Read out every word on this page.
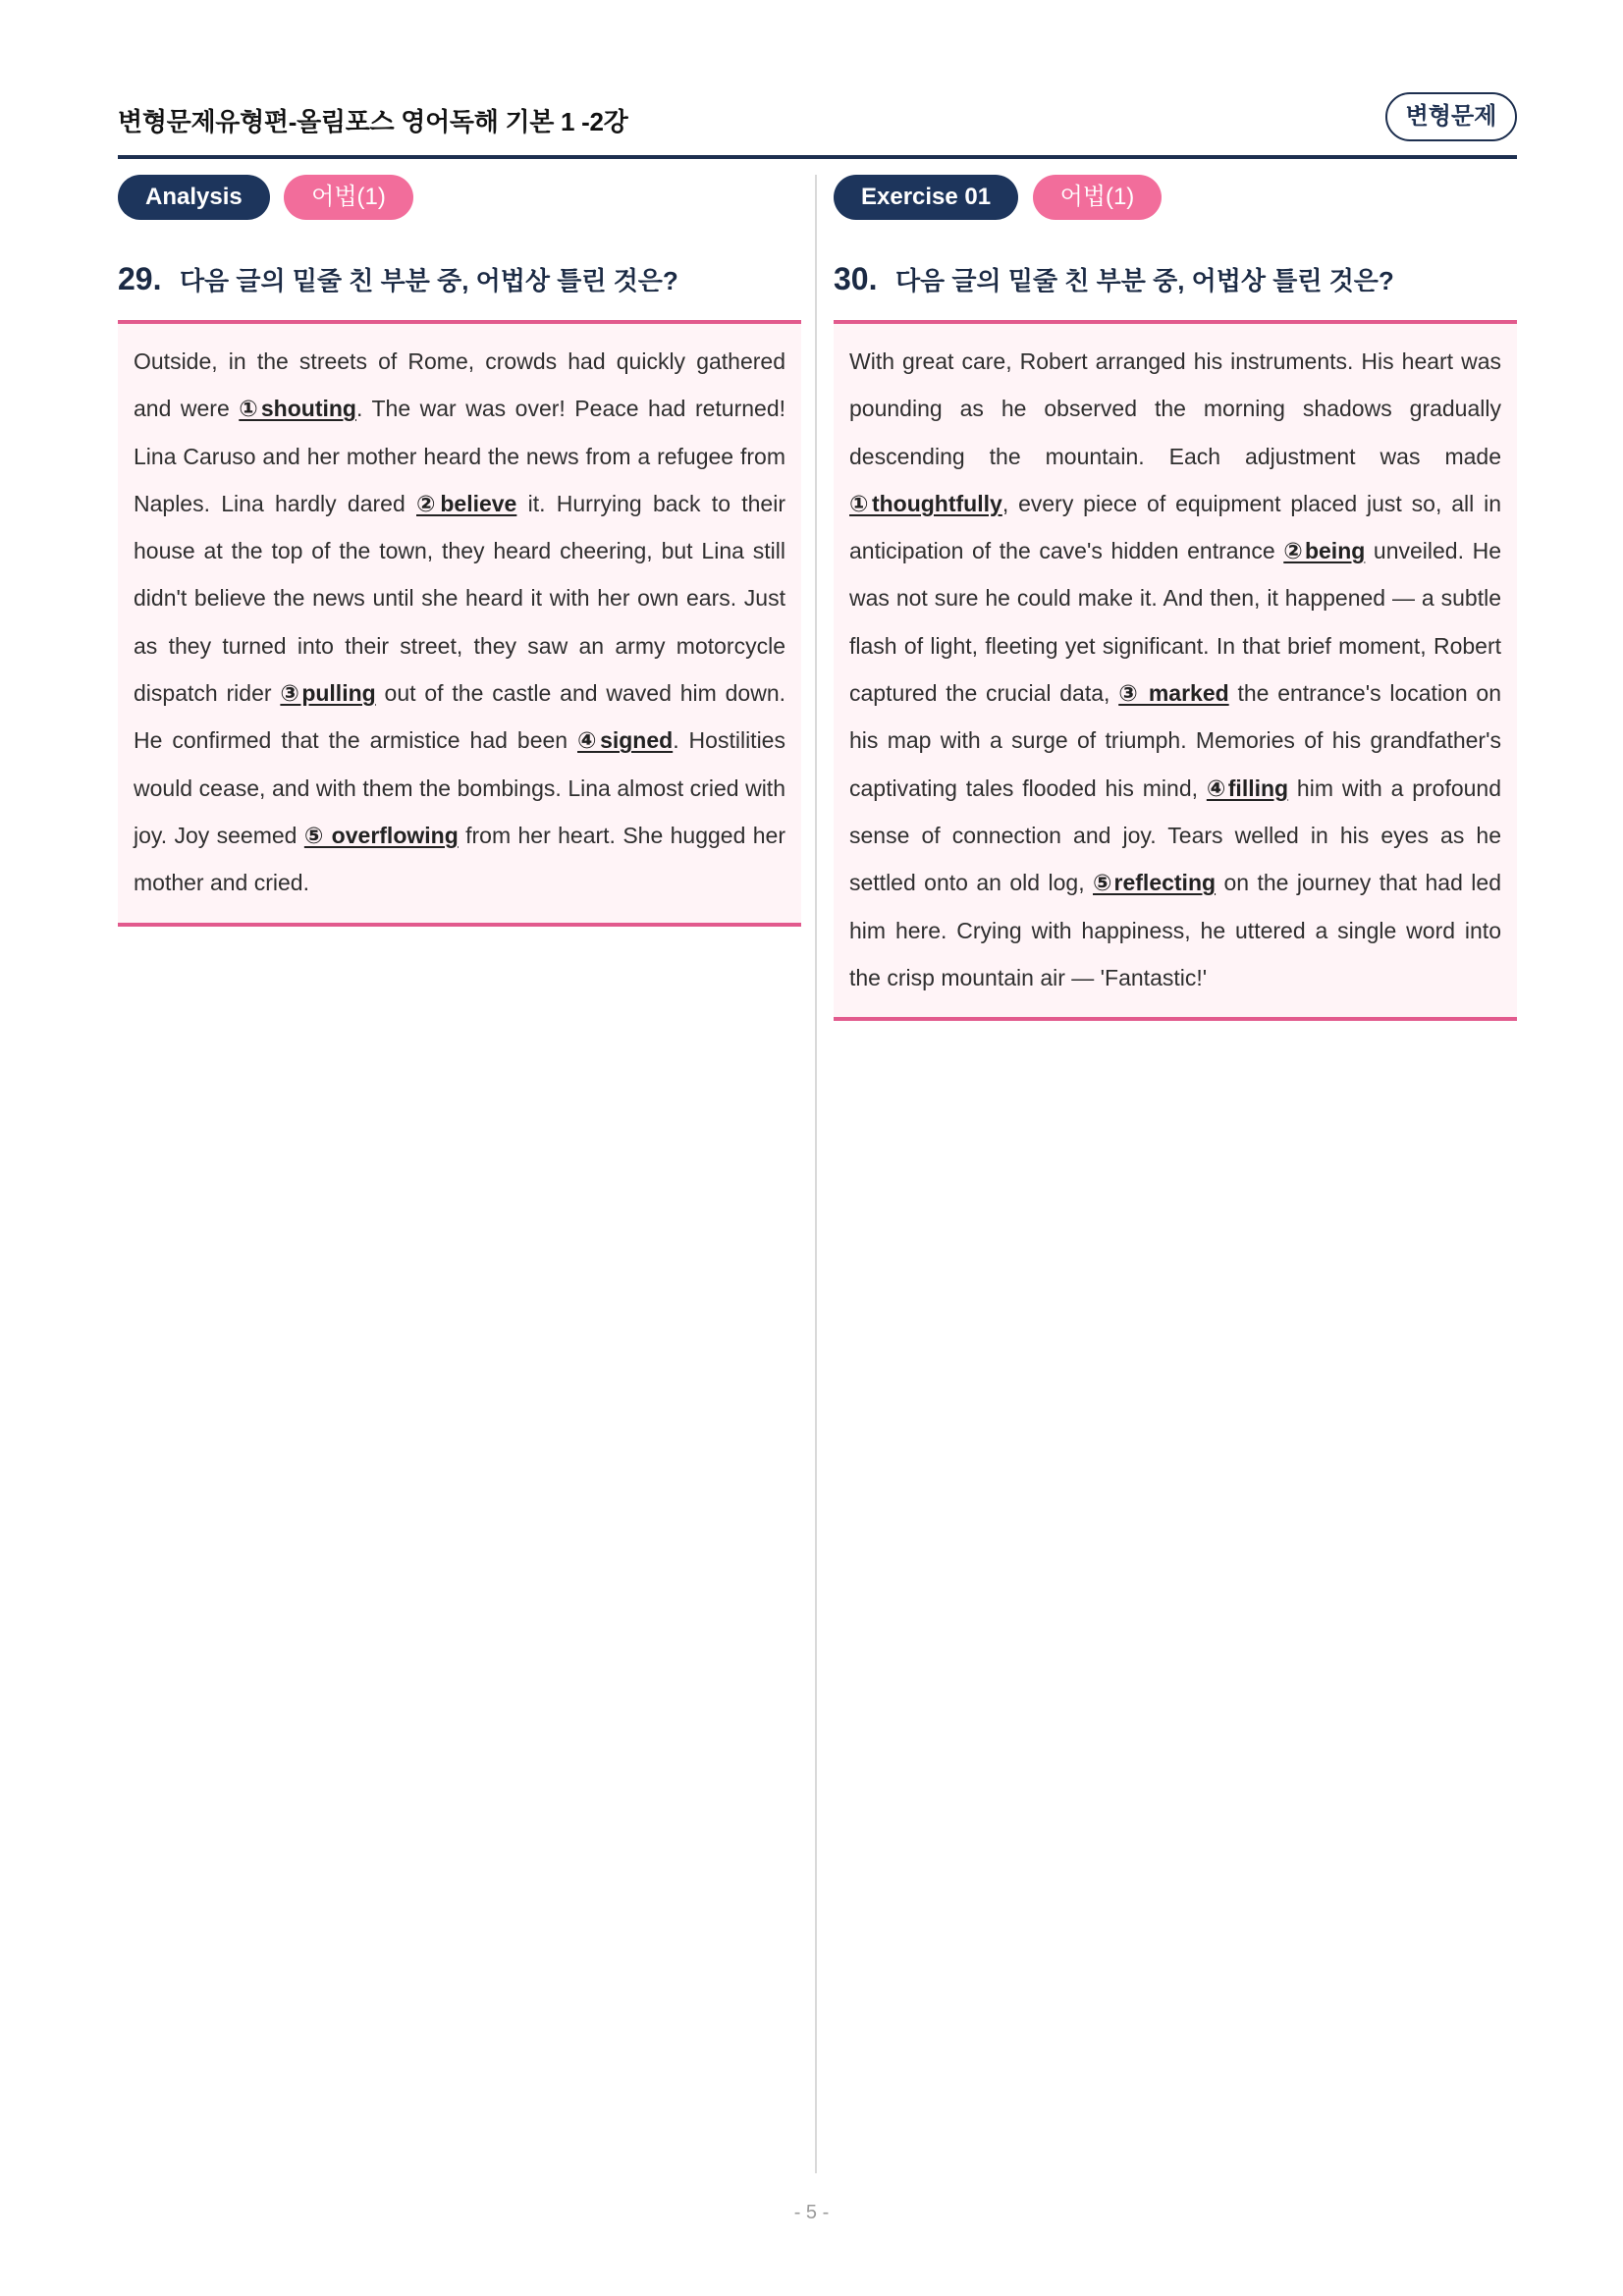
변형문제유형편-올림포스 영어독해 기본 1 -2강	변형문제
Analysis	어법(1)
29. 다음 글의 밑줄 친 부분 중, 어법상 틀린 것은?
Outside, in the streets of Rome, crowds had quickly gathered and were ①shouting. The war was over! Peace had returned! Lina Caruso and her mother heard the news from a refugee from Naples. Lina hardly dared ②believe it. Hurrying back to their house at the top of the town, they heard cheering, but Lina still didn't believe the news until she heard it with her own ears. Just as they turned into their street, they saw an army motorcycle dispatch rider ③pulling out of the castle and waved him down. He confirmed that the armistice had been ④signed. Hostilities would cease, and with them the bombings. Lina almost cried with joy. Joy seemed ⑤ overflowing from her heart. She hugged her mother and cried.
Exercise 01	어법(1)
30. 다음 글의 밑줄 친 부분 중, 어법상 틀린 것은?
With great care, Robert arranged his instruments. His heart was pounding as he observed the morning shadows gradually descending the mountain. Each adjustment was made ①thoughtfully, every piece of equipment placed just so, all in anticipation of the cave's hidden entrance ②being unveiled. He was not sure he could make it. And then, it happened — a subtle flash of light, fleeting yet significant. In that brief moment, Robert captured the crucial data, ③ marked the entrance's location on his map with a surge of triumph. Memories of his grandfather's captivating tales flooded his mind, ④filling him with a profound sense of connection and joy. Tears welled in his eyes as he settled onto an old log, ⑤reflecting on the journey that had led him here. Crying with happiness, he uttered a single word into the crisp mountain air — 'Fantastic!'
- 5 -
